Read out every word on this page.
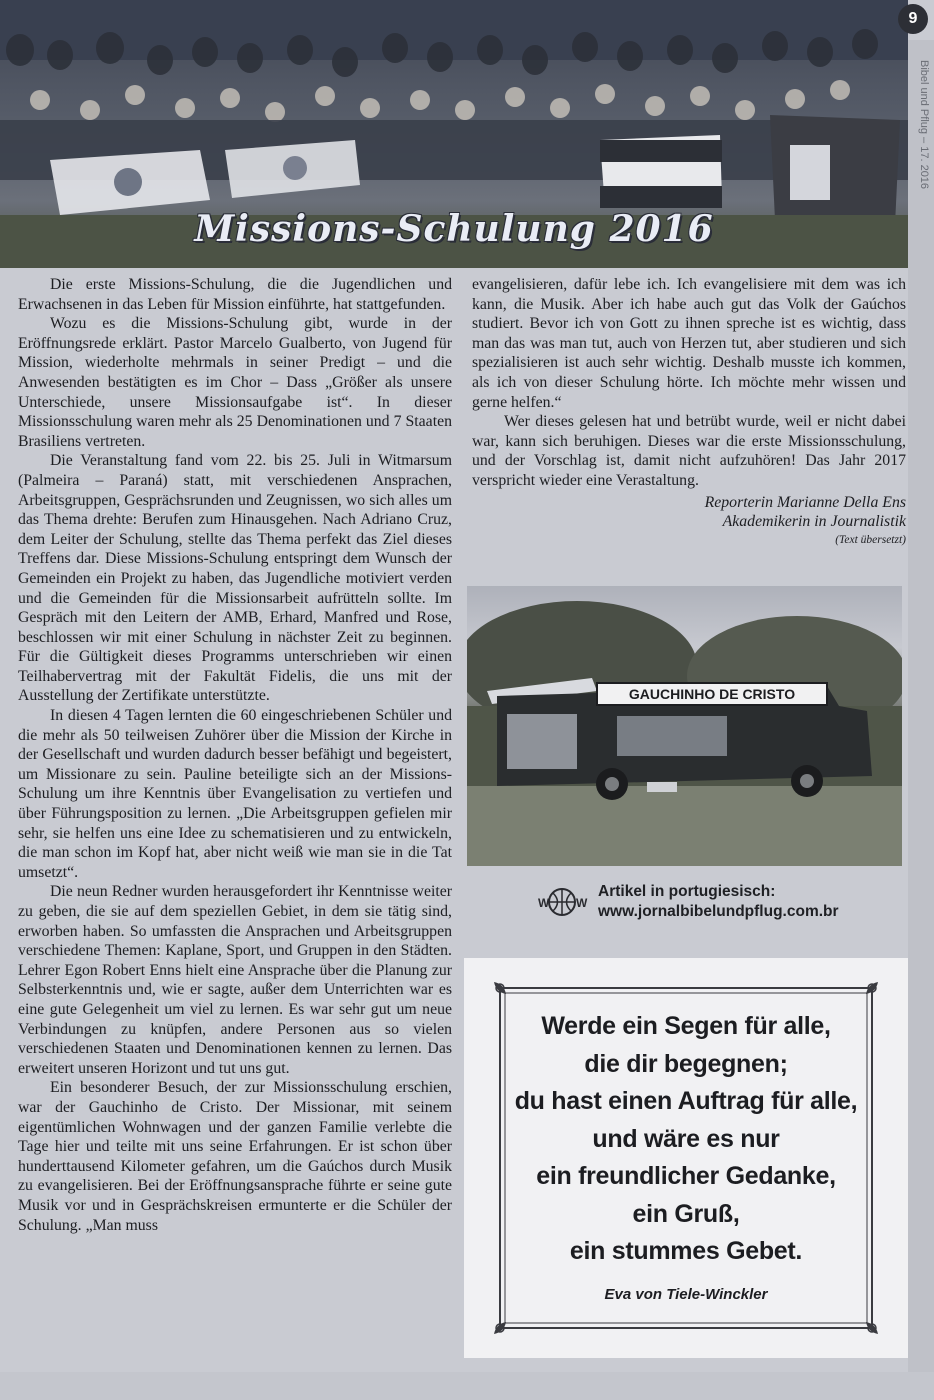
Missions-Schulung 2016
Bibel und Pflug – 17. 2016
9

Die erste Missions-Schulung, die die Jugendlichen und Erwachsenen in das Leben für Mission einführte, hat stattgefunden.

Wozu es die Missions-Schulung gibt, wurde in der Eröffnungsrede erklärt. Pastor Marcelo Gualberto, von Jugend für Mission, wiederholte mehrmals in seiner Predigt – und die Anwesenden bestätigten es im Chor – Dass „Größer als unsere Unterschiede, unsere Missionsaufgabe ist“. In dieser Missionsschulung waren mehr als 25 Denominationen und 7 Staaten Brasiliens vertreten.

Die Veranstaltung fand vom 22. bis 25. Juli in Witmarsum (Palmeira – Paraná) statt, mit verschiedenen Ansprachen, Arbeitsgruppen, Gesprächsrunden und Zeugnissen, wo sich alles um das Thema drehte: Berufen zum Hinausgehen. Nach Adriano Cruz, dem Leiter der Schulung, stellte das Thema perfekt das Ziel dieses Treffens dar. Diese Missions-Schulung entspringt dem Wunsch der Gemeinden ein Projekt zu haben, das Jugendliche motiviert verden und die Gemeinden für die Missionsarbeit aufrütteln sollte. Im Gespräch mit den Leitern der AMB, Erhard, Manfred und Rose, beschlossen wir mit einer Schulung in nächster Zeit zu beginnen. Für die Gültigkeit dieses Programms unterschrieben wir einen Teilhabervertrag mit der Fakultät Fidelis, die uns mit der Ausstellung der Zertifikate unterstützte.

In diesen 4 Tagen lernten die 60 eingeschriebenen Schüler und die mehr als 50 teilweisen Zuhörer über die Mission der Kirche in der Gesellschaft und wurden dadurch besser befähigt und begeistert, um Missionare zu sein. Pauline beteiligte sich an der Missions-Schulung um ihre Kenntnis über Evangelisation zu vertiefen und über Führungsposition zu lernen. „Die Arbeitsgruppen gefielen mir sehr, sie helfen uns eine Idee zu schematisieren und zu entwickeln, die man schon im Kopf hat, aber nicht weiß wie man sie in die Tat umsetzt“.

Die neun Redner wurden herausgefordert ihr Kenntnisse weiter zu geben, die sie auf dem speziellen Gebiet, in dem sie tätig sind, erworben haben. So umfassten die Ansprachen und Arbeitsgruppen verschiedene Themen: Kaplane, Sport, und Gruppen in den Städten. Lehrer Egon Robert Enns hielt eine Ansprache über die Planung zur Selbsterkenntnis und, wie er sagte, außer dem Unterrichten war es eine gute Gelegenheit um viel zu lernen. Es war sehr gut um neue Verbindungen zu knüpfen, andere Personen aus so vielen verschiedenen Staaten und Denominationen kennen zu lernen. Das erweitert unseren Horizont und tut uns gut.

Ein besonderer Besuch, der zur Missionsschulung erschien, war der Gauchinho de Cristo. Der Missionar, mit seinem eigentümlichen Wohnwagen und der ganzen Familie verlebte die Tage hier und teilte mit uns seine Erfahrungen. Er ist schon über hunderttausend Kilometer gefahren, um die Gaúchos durch Musik zu evangelisieren. Bei der Eröffnungsansprache führte er seine gute Musik vor und in Gesprächskreisen ermunterte er die Schüler der Schulung. „Man muss

evangelisieren, dafür lebe ich. Ich evangelisiere mit dem was ich kann, die Musik. Aber ich habe auch gut das Volk der Gaúchos studiert. Bevor ich von Gott zu ihnen spreche ist es wichtig, dass man das was man tut, auch von Herzen tut, aber studieren und sich spezialisieren ist auch sehr wichtig. Deshalb musste ich kommen, als ich von dieser Schulung hörte. Ich möchte mehr wissen und gerne helfen.“

Wer dieses gelesen hat und betrübt wurde, weil er nicht dabei war, kann sich beruhigen. Dieses war die erste Missionsschulung, und der Vorschlag ist, damit nicht aufzuhören! Das Jahr 2017 verspricht wieder eine Verastaltung.

Reporterin Marianne Della Ens
Akademikerin in Journalistik
(Text übersetzt)
GAUCHINHO DE CRISTO
W W
Artikel in portugiesisch:
www.jornalbibelundpflug.com.br
Werde ein Segen für alle,
die dir begegnen;
du hast einen Auftrag für alle,
und wäre es nur
ein freundlicher Gedanke,
ein Gruß,
ein stummes Gebet.
Eva von Tiele-Winckler
